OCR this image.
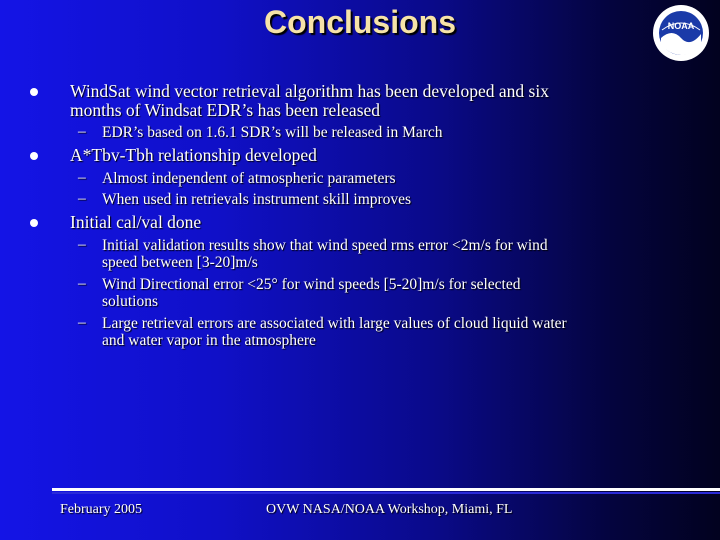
Conclusions	NOAA
WindSat wind vector retrieval algorithm has been developed and six
months of Windsat EDR’s has been released
– EDR’s based on 1.6.1 SDR’s will be released in March
A*Tbv-Tbh relationship developed
– Almost independent of atmospheric parameters
– When used in retrievals instrument skill improves
Initial cal/val done
– Initial validation results show that wind speed rms error <2m/s for wind
speed between [3-20]m/s
– Wind Directional error <25° for wind speeds [5-20]m/s for selected
solutions
– Large retrieval errors are associated with large values of cloud liquid water
and water vapor in the atmosphere
February 2005	OVW NASA/NOAA Workshop, Miami, FL
